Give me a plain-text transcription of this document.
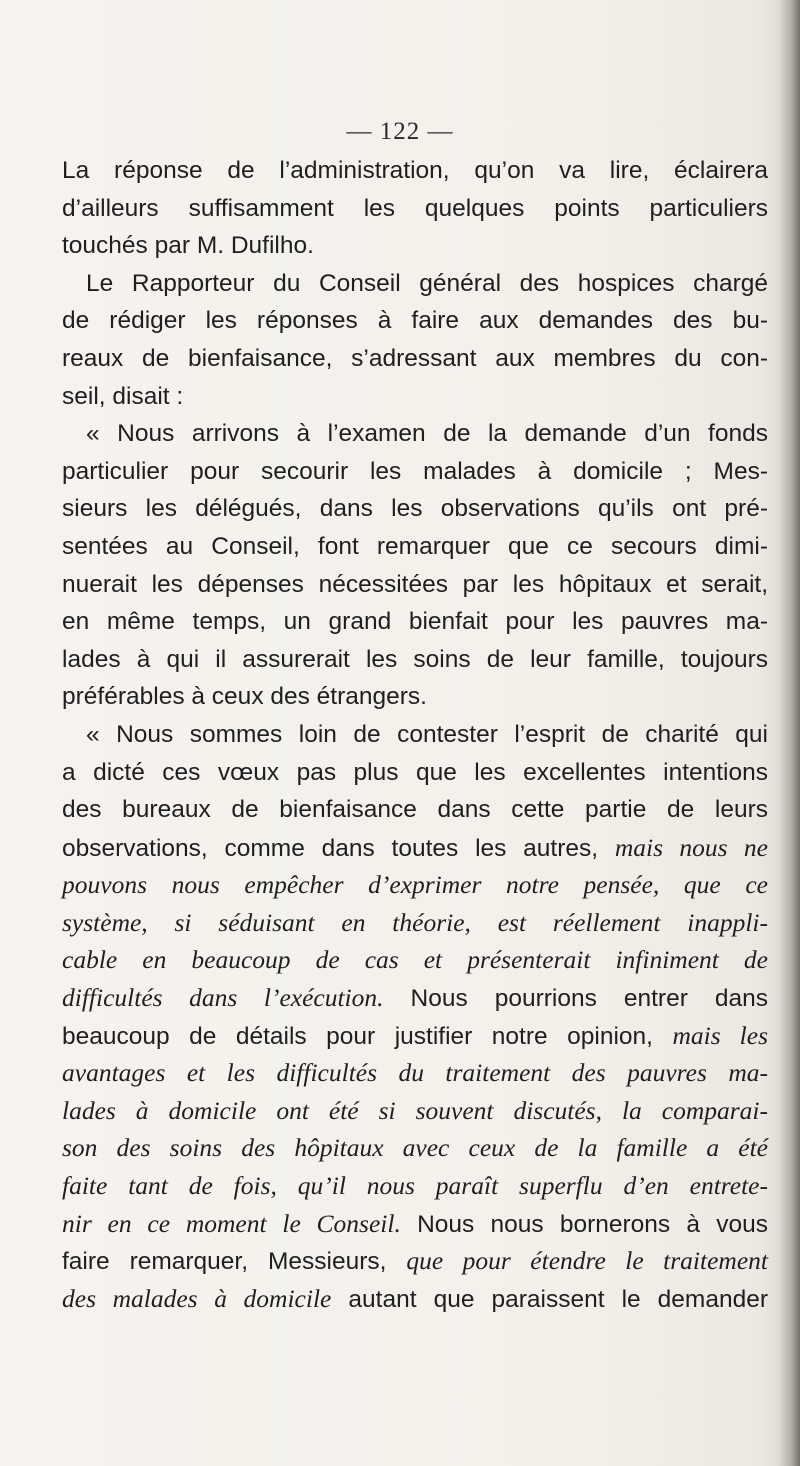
— 122 —
La réponse de l’administration, qu’on va lire, éclairera
d’ailleurs suffisamment les quelques points particuliers
touchés par M. Dufilho.
Le Rapporteur du Conseil général des hospices chargé
de rédiger les réponses à faire aux demandes des bu-
reaux de bienfaisance, s’adressant aux membres du con-
seil, disait :
« Nous arrivons à l’examen de la demande d’un fonds
particulier pour secourir les malades à domicile ; Mes-
sieurs les délégués, dans les observations qu’ils ont pré-
sentées au Conseil, font remarquer que ce secours dimi-
nuerait les dépenses nécessitées par les hôpitaux et serait,
en même temps, un grand bienfait pour les pauvres ma-
lades à qui il assurerait les soins de leur famille, toujours
préférables à ceux des étrangers.
« Nous sommes loin de contester l’esprit de charité qui
a dicté ces vœux pas plus que les excellentes intentions
des bureaux de bienfaisance dans cette partie de leurs
observations, comme dans toutes les autres, mais nous ne
pouvons nous empêcher d’exprimer notre pensée, que ce
système, si séduisant en théorie, est réellement inappli-
cable en beaucoup de cas et présenterait infiniment de
difficultés dans l’exécution. Nous pourrions entrer dans
beaucoup de détails pour justifier notre opinion, mais les
avantages et les difficultés du traitement des pauvres ma-
lades à domicile ont été si souvent discutés, la comparai-
son des soins des hôpitaux avec ceux de la famille a été
faite tant de fois, qu’il nous paraît superflu d’en entrete-
nir en ce moment le Conseil. Nous nous bornerons à vous
faire remarquer, Messieurs, que pour étendre le traitement
des malades à domicile autant que paraissent le demander
